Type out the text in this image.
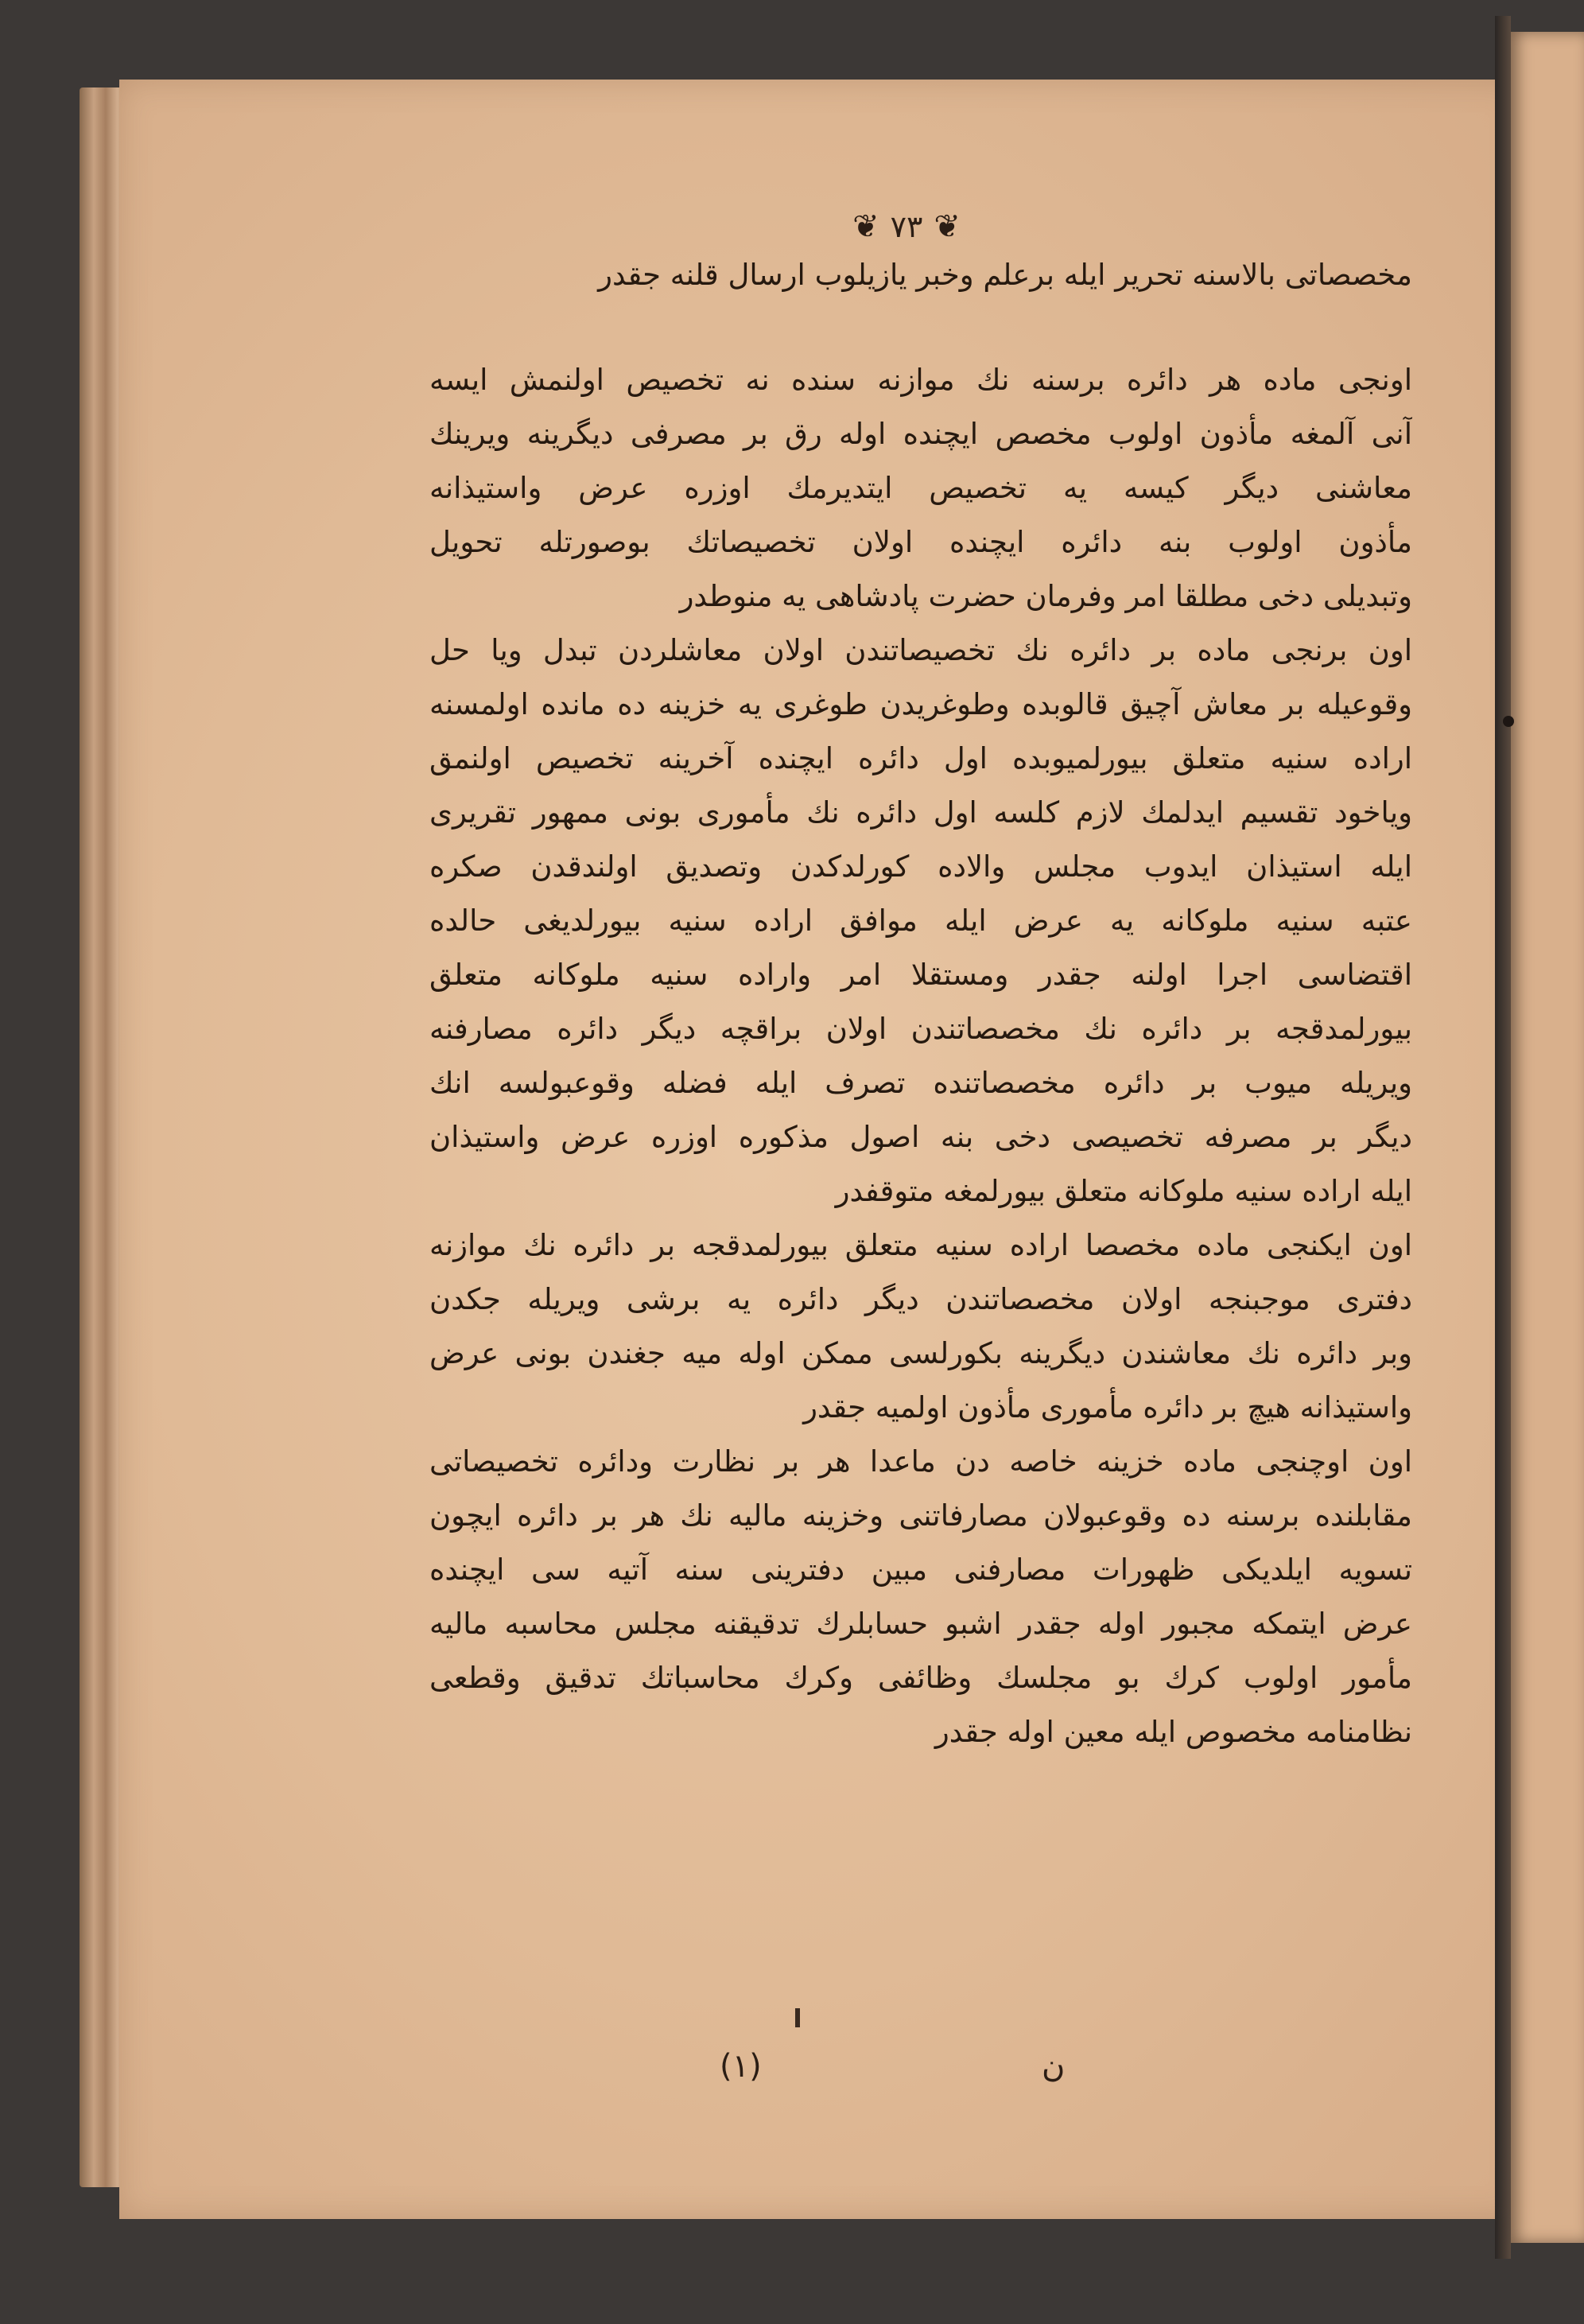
❦ ٧٣ ❦
مخصصاتی بالاسنه تحریر ایله برعلم وخبر یازیلوب ارسال قلنه جقدر
اونجی ماده هر دائره برسنه نك موازنه سنده نه تخصیص اولنمش ایسه
آنی آلمغه مأذون اولوب مخصص ایچنده اوله رق بر مصرفی دیگرینه ویرینك
معاشنی دیگر کیسه یه تخصیص ایتدیرمك اوزره عرض واستیذانه
مأذون اولوب بنه دائره ایچنده اولان تخصیصاتك بوصورتله تحویل
وتبدیلی دخی مطلقا امر وفرمان حضرت پادشاهی یه منوطدر
اون برنجی ماده بر دائره نك تخصیصاتندن اولان معاشلردن تبدل ویا حل
وقوعیله بر معاش آچیق قالوبده وطوغریدن طوغری یه خزینه ده مانده اولمسنه
اراده سنیه متعلق بیورلمیوبده اول دائره ایچنده آخرینه تخصیص اولنمق
ویاخود تقسیم ایدلمك لازم کلسه اول دائره نك مأموری بونی ممهور تقریری
ایله استیذان ایدوب مجلس والاده کورلدکدن وتصدیق اولندقدن صکره
عتبه سنیه ملوکانه یه عرض ایله موافق اراده سنیه بیورلدیغی حالده
اقتضاسی اجرا اولنه جقدر ومستقلا امر واراده سنیه ملوکانه متعلق
بیورلمدقجه بر دائره نك مخصصاتندن اولان براقچه دیگر دائره مصارفنه
ویریله میوب بر دائره مخصصاتنده تصرف ایله فضله وقوعبولسه انك
دیگر بر مصرفه تخصیصی دخی بنه اصول مذکوره اوزره عرض واستیذان
ایله اراده سنیه ملوکانه متعلق بیورلمغه متوقفدر
اون ایکنجی ماده مخصصا اراده سنیه متعلق بیورلمدقجه بر دائره نك موازنه
دفتری موجبنجه اولان مخصصاتندن دیگر دائره یه برشی ویریله جکدن
وبر دائره نك معاشندن دیگرینه بکورلسی ممکن اوله میه جغندن بونی عرض
واستیذانه هیچ بر دائره مأموری مأذون اولمیه جقدر
اون اوچنجی ماده خزینه خاصه دن ماعدا هر بر نظارت ودائره تخصیصاتی
مقابلنده برسنه ده وقوعبولان مصارفاتنی وخزینه مالیه نك هر بر دائره ایچون
تسویه ایلدیکی ظهورات مصارفنی مبین دفترینی سنه آتیه سی ایچنده
عرض ایتمکه مجبور اوله جقدر اشبو حسابلرك تدقیقنه مجلس محاسبه مالیه
مأمور اولوب کرك بو مجلسك وظائفی وکرك محاسباتك تدقیق وقطعی
نظامنامه مخصوص ایله معین اوله جقدر
(١)	ن
